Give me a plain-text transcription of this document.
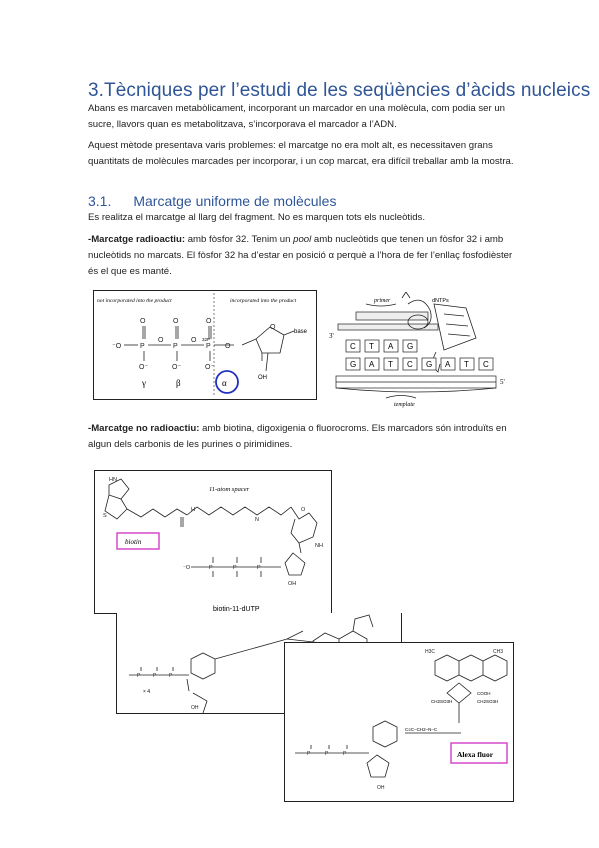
3.Tècniques per l’estudi de les seqüències d’àcids nucleics

Abans es marcaven metabòlicament, incorporant un marcador en una molècula, com podia ser un sucre, llavors quan es metabolitzava, s’incorporava el marcador a l’ADN.

Aquest mètode presentava varis problemes: el marcatge no era molt alt, es necessitaven grans quantitats de molècules marcades per incorporar, i un cop marcat, era difícil treballar amb la mostra.

3.1. Marcatge uniforme de molècules

Es realitza el marcatge al llarg del fragment. No es marquen tots els nucleòtids.

-Marcatge radioactiu: amb fòsfor 32. Tenim un pool amb nucleòtids que tenen un fòsfor 32 i amb nucleòtids no marcats. El fòsfor 32 ha d’estar en posició α perquè a l’hora de fer l’enllaç fosfodièster és el que es manté.

not incorporated into the product	incorporated into the product
⁻O	P	P	P
O	O
O
O	O	O
O⁻	O⁻	O⁻
O
32P
base
OH
γ	β	α
primer	dNTPs
3'
C T A G
G A T C G A T C
5'
template

-Marcatge no radioactiu: amb biotina, digoxigenia o fluorocroms. Els marcadors són introduïts en algun dels carbonis de les purines o pirimidines.

HN
S
H
N
O
NH
P	P	P
⁻O
OH
11-atom spacer
biotin
biotin-11-dUTP
P	P	P
OH
× 4
H3C	CH3
P	P	P
OH
CH2SO3H
COOH
CH2SO3H
C≡C–CH2–N–C
Alexa fluor
